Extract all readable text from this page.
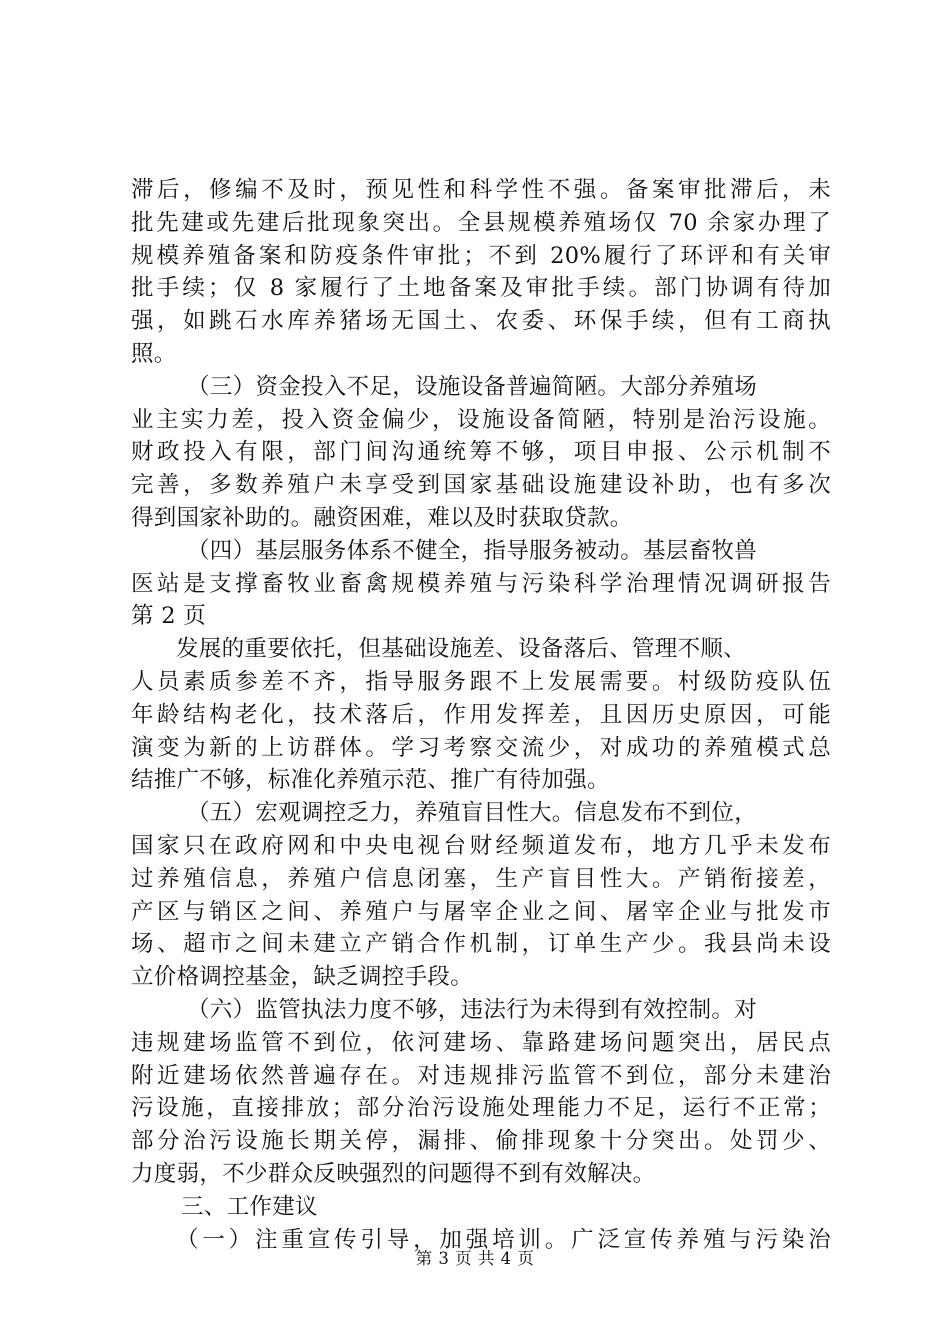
滞后，修编不及时，预见性和科学性不强。备案审批滞后，未
批先建或先建后批现象突出。全县规模养殖场仅 70 余家办理了
规模养殖备案和防疫条件审批；不到 20%履行了环评和有关审
批手续；仅 8 家履行了土地备案及审批手续。部门协调有待加
强，如跳石水库养猪场无国土、农委、环保手续，但有工商执
照。
（三）资金投入不足，设施设备普遍简陋。大部分养殖场
业主实力差，投入资金偏少，设施设备简陋，特别是治污设施。
财政投入有限，部门间沟通统筹不够，项目申报、公示机制不
完善，多数养殖户未享受到国家基础设施建设补助，也有多次
得到国家补助的。融资困难，难以及时获取贷款。
（四）基层服务体系不健全，指导服务被动。基层畜牧兽
医站是支撑畜牧业畜禽规模养殖与污染科学治理情况调研报告
第 2 页
发展的重要依托，但基础设施差、设备落后、管理不顺、
人员素质参差不齐，指导服务跟不上发展需要。村级防疫队伍
年龄结构老化，技术落后，作用发挥差，且因历史原因，可能
演变为新的上访群体。学习考察交流少，对成功的养殖模式总
结推广不够，标准化养殖示范、推广有待加强。
（五）宏观调控乏力，养殖盲目性大。信息发布不到位，
国家只在政府网和中央电视台财经频道发布，地方几乎未发布
过养殖信息，养殖户信息闭塞，生产盲目性大。产销衔接差，
产区与销区之间、养殖户与屠宰企业之间、屠宰企业与批发市
场、超市之间未建立产销合作机制，订单生产少。我县尚未设
立价格调控基金，缺乏调控手段。
（六）监管执法力度不够，违法行为未得到有效控制。对
违规建场监管不到位，依河建场、靠路建场问题突出，居民点
附近建场依然普遍存在。对违规排污监管不到位，部分未建治
污设施，直接排放；部分治污设施处理能力不足，运行不正常；
部分治污设施长期关停，漏排、偷排现象十分突出。处罚少、
力度弱，不少群众反映强烈的问题得不到有效解决。
三、工作建议
（一）注重宣传引导，加强培训。广泛宣传养殖与污染治
第 3 页 共 4 页
